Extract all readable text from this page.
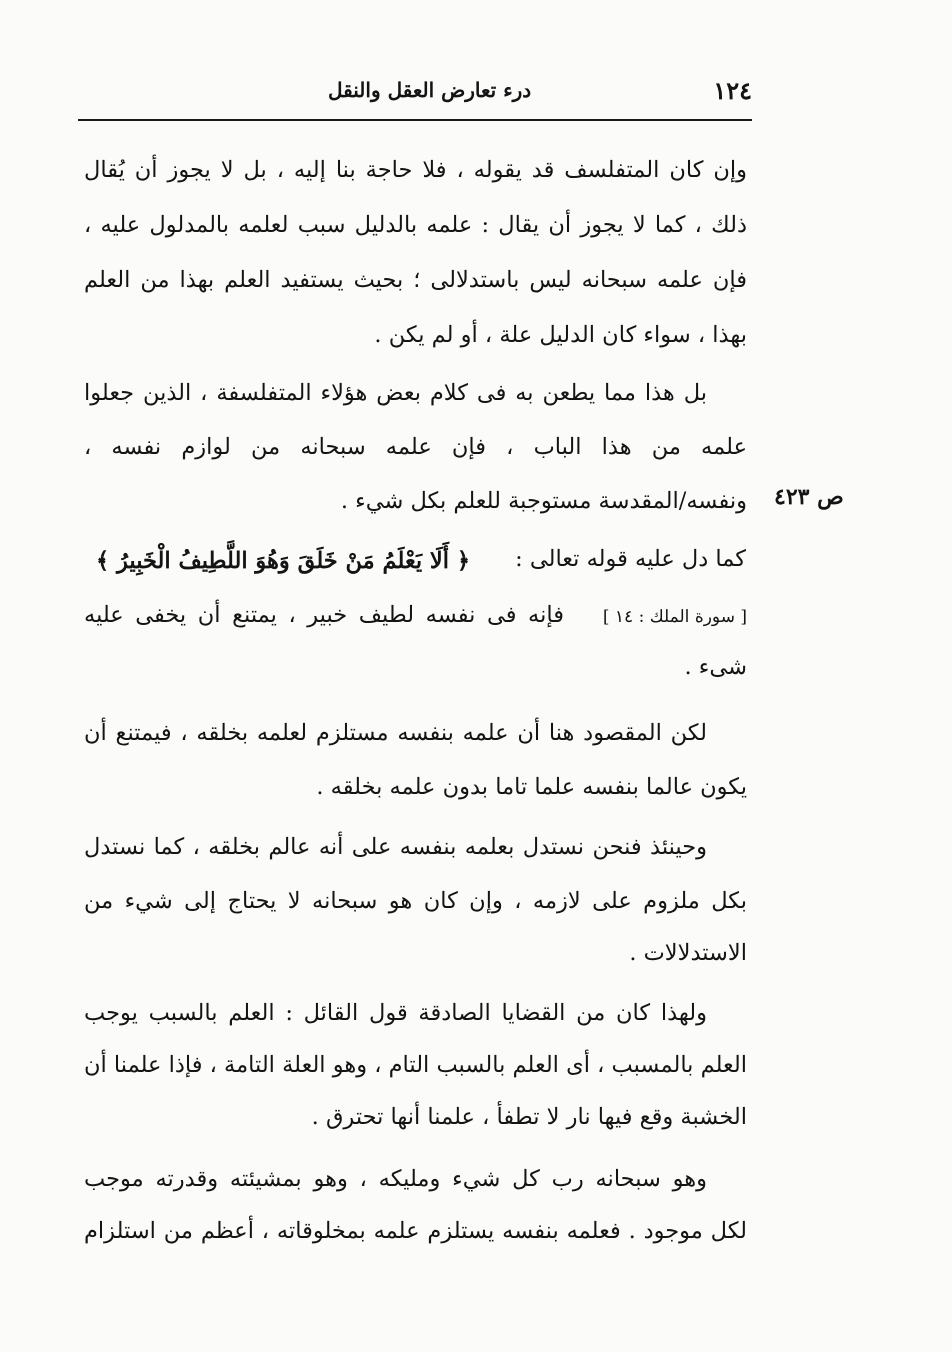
١٢٤
درء تعارض العقل والنقل
وإن كان المتفلسف قد يقوله ، فلا حاجة بنا إليه ، بل لا يجوز أن يُقال
ذلك ، كما لا يجوز أن يقال : علمه بالدليل سبب لعلمه بالمدلول عليه ،
فإن علمه سبحانه ليس باستدلالى ؛ بحيث يستفيد العلم بهذا من العلم
بهذا ، سواء كان الدليل علة ، أو لم يكن .
بل هذا مما يطعن به فى كلام بعض هؤلاء المتفلسفة ، الذين جعلوا
علمه من هذا الباب ، فإن علمه سبحانه من لوازم نفسه ،
ونفسه/المقدسة مستوجبة للعلم بكل شيء . ص ٤٢٣
كما دل عليه قوله تعالى :
﴿ أَلَا يَعْلَمُ مَنْ خَلَقَ وَهُوَ اللَّطِيفُ الْخَبِيرُ ﴾
[ سورة الملك : ١٤ ]
فإنه فى نفسه لطيف خبير ، يمتنع أن يخفى عليه
شىء .
لكن المقصود هنا أن علمه بنفسه مستلزم لعلمه بخلقه ، فيمتنع أن
يكون عالما بنفسه علما تاما بدون علمه بخلقه .
وحينئذ فنحن نستدل بعلمه بنفسه على أنه عالم بخلقه ، كما نستدل
بكل ملزوم على لازمه ، وإن كان هو سبحانه لا يحتاج إلى شيء من
الاستدلالات .
ولهذا كان من القضايا الصادقة قول القائل : العلم بالسبب يوجب
العلم بالمسبب ، أى العلم بالسبب التام ، وهو العلة التامة ، فإذا علمنا أن
الخشبة وقع فيها نار لا تطفأ ، علمنا أنها تحترق .
وهو سبحانه رب كل شيء ومليكه ، وهو بمشيئته وقدرته موجب
لكل موجود . فعلمه بنفسه يستلزم علمه بمخلوقاته ، أعظم من استلزام
